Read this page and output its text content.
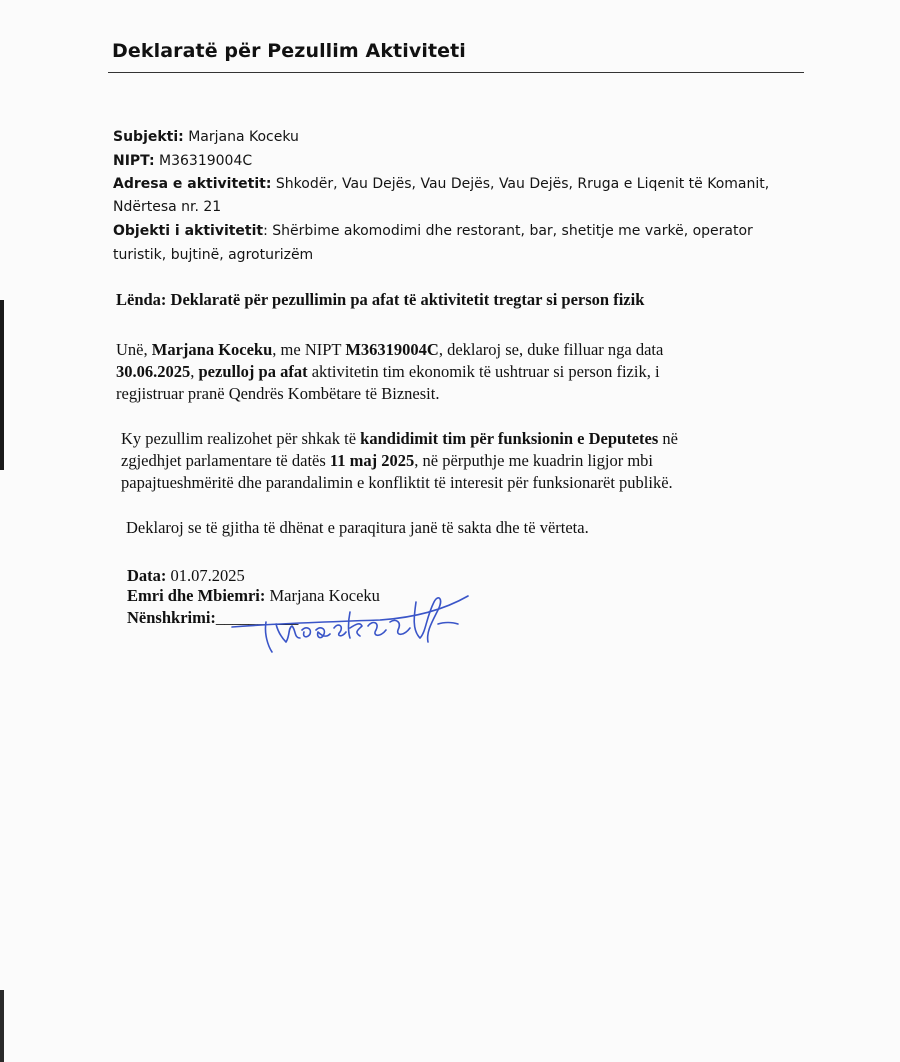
Deklaratë për Pezullim Aktiviteti
Subjekti: Marjana Koceku
NIPT: M36319004C
Adresa e aktivitetit: Shkodër, Vau Dejës, Vau Dejës, Vau Dejës, Rruga e Liqenit të Komanit,
Ndërtesa nr. 21
Objekti i aktivitetit: Shërbime akomodimi dhe restorant, bar, shetitje me varkë, operator
turistik, bujtinë, agroturizëm
Lënda: Deklaratë për pezullimin pa afat të aktivitetit tregtar si person fizik
Unë, Marjana Koceku, me NIPT M36319004C, deklaroj se, duke filluar nga data
30.06.2025, pezulloj pa afat aktivitetin tim ekonomik të ushtruar si person fizik, i
regjistruar pranë Qendrës Kombëtare të Biznesit.
Ky pezullim realizohet për shkak të kandidimit tim për funksionin e Deputetes në
zgjedhjet parlamentare të datës 11 maj 2025, në përputhje me kuadrin ligjor mbi
papajtueshmëritë dhe parandalimin e konfliktit të interesit për funksionarët publikë.
Deklaroj se të gjitha të dhënat e paraqitura janë të sakta dhe të vërteta.
Data: 01.07.2025
Emri dhe Mbiemri: Marjana Koceku
Nënshkrimi:__________
